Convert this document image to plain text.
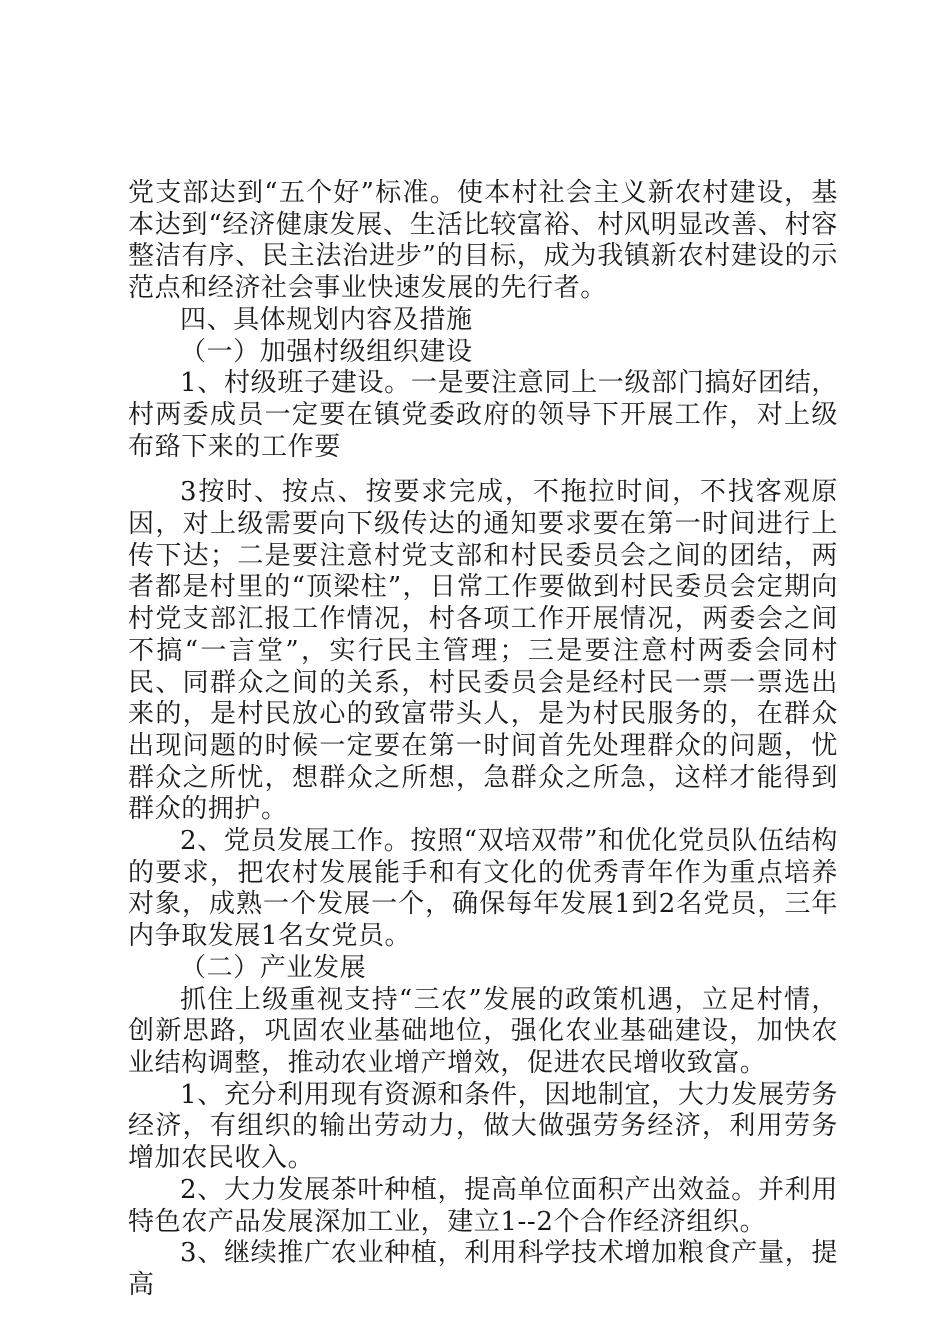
党支部达到“五个好”标准。使本村社会主义新农村建设，基本达到“经济健康发展、生活比较富裕、村风明显改善、村容整洁有序、民主法治进步”的目标，成为我镇新农村建设的示范点和经济社会事业快速发展的先行者。

四、具体规划内容及措施

（一）加强村级组织建设

1、村级班子建设。一是要注意同上一级部门搞好团结，村两委成员一定要在镇党委政府的领导下开展工作，对上级布臵下来的工作要

3按时、按点、按要求完成，不拖拉时间，不找客观原因，对上级需要向下级传达的通知要求要在第一时间进行上传下达；二是要注意村党支部和村民委员会之间的团结，两者都是村里的“顶梁柱”，日常工作要做到村民委员会定期向村党支部汇报工作情况，村各项工作开展情况，两委会之间不搞“一言堂”，实行民主管理；三是要注意村两委会同村民、同群众之间的关系，村民委员会是经村民一票一票选出来的，是村民放心的致富带头人，是为村民服务的，在群众出现问题的时候一定要在第一时间首先处理群众的问题，忧群众之所忧，想群众之所想，急群众之所急，这样才能得到群众的拥护。

2、党员发展工作。按照“双培双带”和优化党员队伍结构的要求，把农村发展能手和有文化的优秀青年作为重点培养对象，成熟一个发展一个，确保每年发展1到2名党员，三年内争取发展1名女党员。

（二）产业发展

抓住上级重视支持“三农”发展的政策机遇，立足村情，创新思路，巩固农业基础地位，强化农业基础建设，加快农业结构调整，推动农业增产增效，促进农民增收致富。

1、充分利用现有资源和条件，因地制宜，大力发展劳务经济，有组织的输出劳动力，做大做强劳务经济，利用劳务增加农民收入。

2、大力发展茶叶种植，提高单位面积产出效益。并利用特色农产品发展深加工业，建立1--2个合作经济组织。

3、继续推广农业种植，利用科学技术增加粮食产量，提高
